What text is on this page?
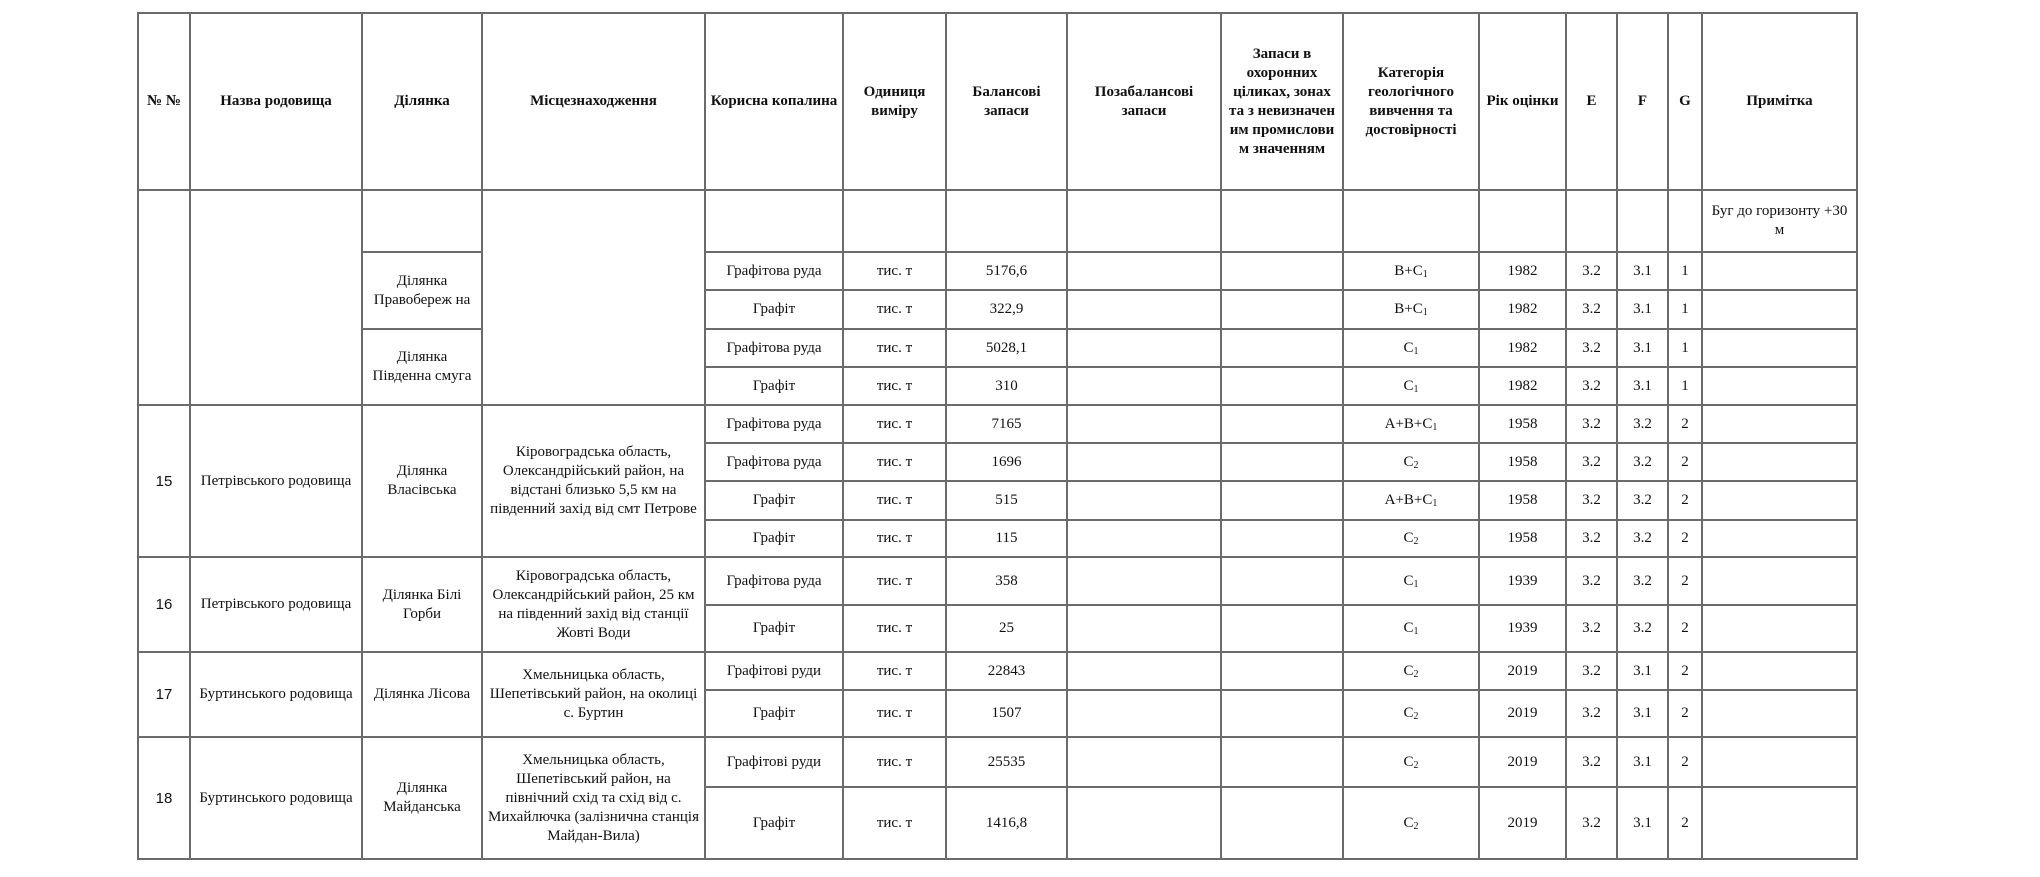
№ №	Назва родовища	Ділянка	Місцезнаходження	Корисна копалина	Одиниця виміру	Балансові запаси	Позабалансові запаси	Запаси в охоронних ціликах, зонах та з невизначен им промислови м значенням	Категорія геологічного вивчення та достовірності	Рік оцінки	E	F	G	Примітка
														Буг до горизонту +30 м
		Ділянка Правобереж на		Графітова руда	тис. т	5176,6			$B+C_1$	1982	3.2	3.1	1	
				Графіт	тис. т	322,9			$B+C_1$	1982	3.2	3.1	1	
		Ділянка Південна смуга		Графітова руда	тис. т	5028,1			$C_1$	1982	3.2	3.1	1	
				Графіт	тис. т	310			$C_1$	1982	3.2	3.1	1	
15	Петрівського родовища	Ділянка Власівська	Кіровоградська область, Олександрійський район, на відстані близько 5,5 км на південний захід від смт Петрове	Графітова руда	тис. т	7165			$A+B+C_1$	1958	3.2	3.2	2	
				Графітова руда	тис. т	1696			$C_2$	1958	3.2	3.2	2	
				Графіт	тис. т	515			$A+B+C_1$	1958	3.2	3.2	2	
				Графіт	тис. т	115			$C_2$	1958	3.2	3.2	2	
16	Петрівського родовища	Ділянка Білі Горби	Кіровоградська область, Олександрійський район, 25 км на південний захід від станції Жовті Води	Графітова руда	тис. т	358			$C_1$	1939	3.2	3.2	2	
				Графіт	тис. т	25			$C_1$	1939	3.2	3.2	2	
17	Буртинського родовища	Ділянка Лісова	Хмельницька область, Шепетівський район, на околиці с. Буртин	Графітові руди	тис. т	22843			$C_2$	2019	3.2	3.1	2	
				Графіт	тис. т	1507			$C_2$	2019	3.2	3.1	2	
18	Буртинського родовища	Ділянка Майданська	Хмельницька область, Шепетівський район, на північний схід та схід від с. Михайлючка (залізнична станція Майдан-Вила)	Графітові руди	тис. т	25535			$C_2$	2019	3.2	3.1	2	
				Графіт	тис. т	1416,8			$C_2$	2019	3.2	3.1	2	
